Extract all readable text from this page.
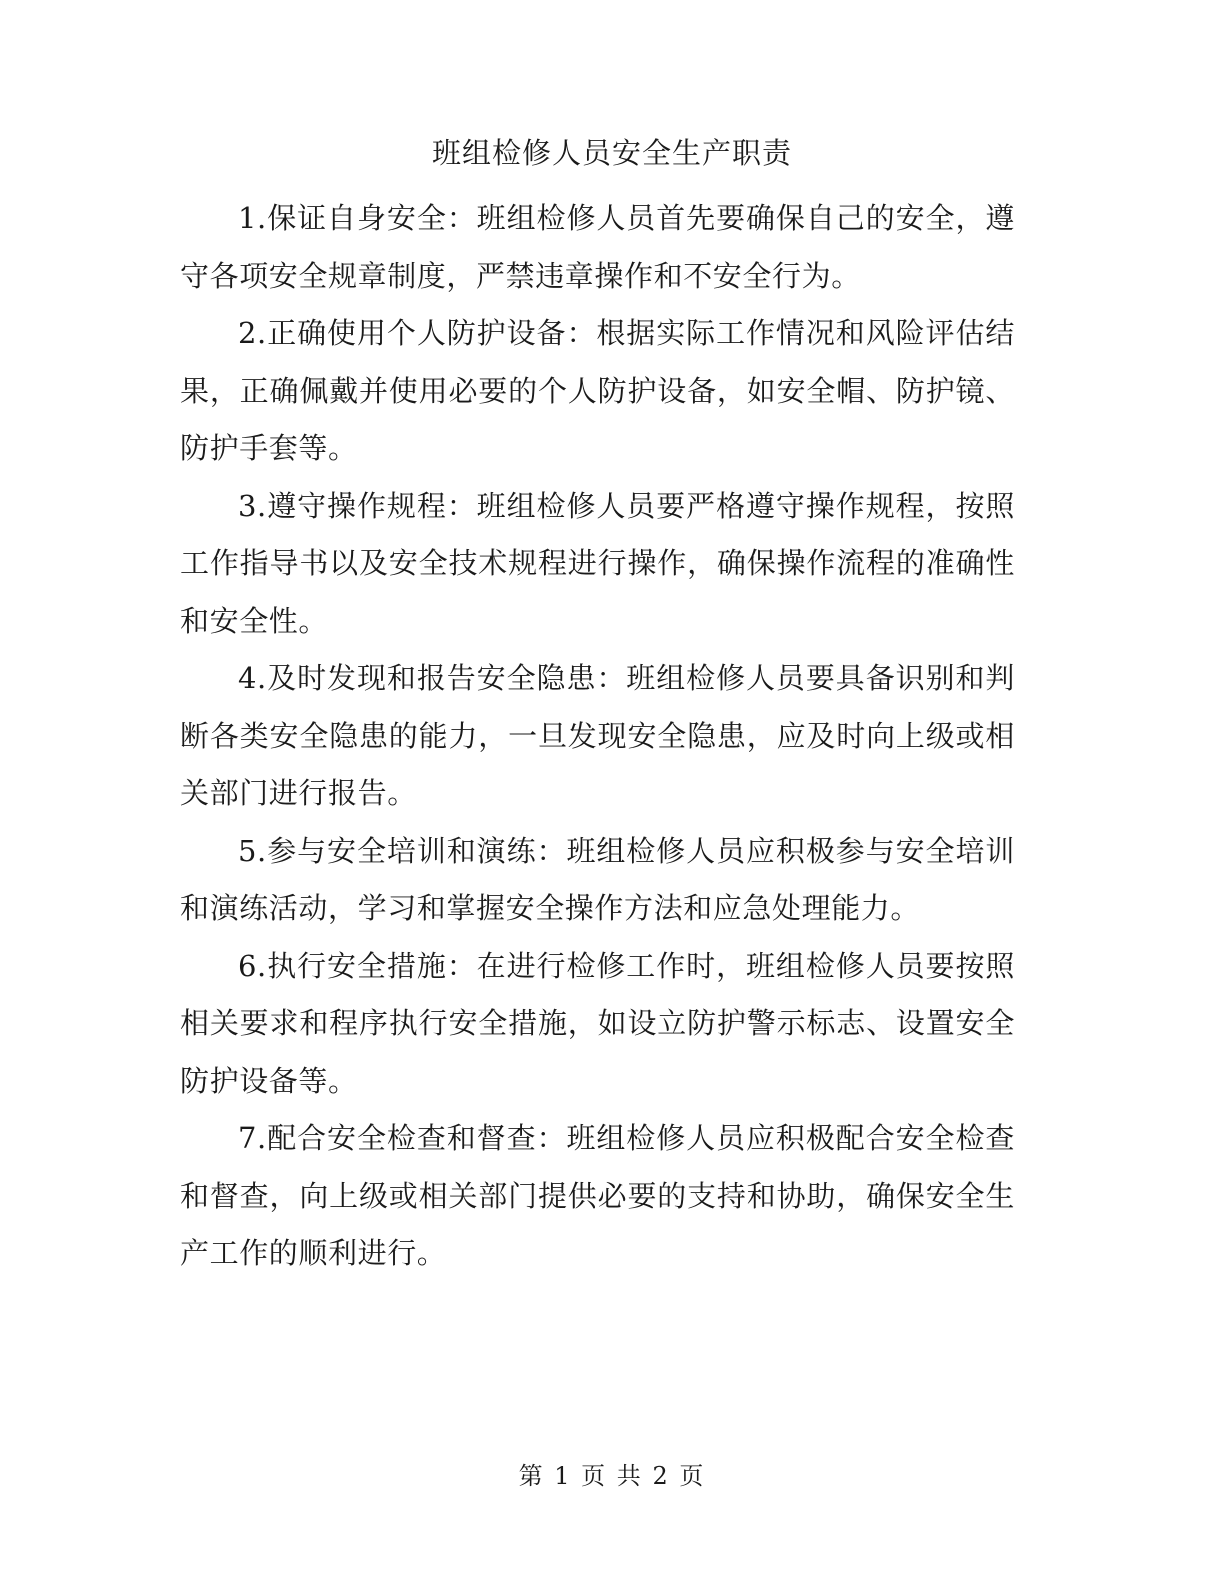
班组检修人员安全生产职责

1.保证自身安全：班组检修人员首先要确保自己的安全，遵守各项安全规章制度，严禁违章操作和不安全行为。

2.正确使用个人防护设备：根据实际工作情况和风险评估结果，正确佩戴并使用必要的个人防护设备，如安全帽、防护镜、防护手套等。

3.遵守操作规程：班组检修人员要严格遵守操作规程，按照工作指导书以及安全技术规程进行操作，确保操作流程的准确性和安全性。

4.及时发现和报告安全隐患：班组检修人员要具备识别和判断各类安全隐患的能力，一旦发现安全隐患，应及时向上级或相关部门进行报告。

5.参与安全培训和演练：班组检修人员应积极参与安全培训和演练活动，学习和掌握安全操作方法和应急处理能力。

6.执行安全措施：在进行检修工作时，班组检修人员要按照相关要求和程序执行安全措施，如设立防护警示标志、设置安全防护设备等。

7.配合安全检查和督查：班组检修人员应积极配合安全检查和督查，向上级或相关部门提供必要的支持和协助，确保安全生产工作的顺利进行。

第 1 页 共 2 页
